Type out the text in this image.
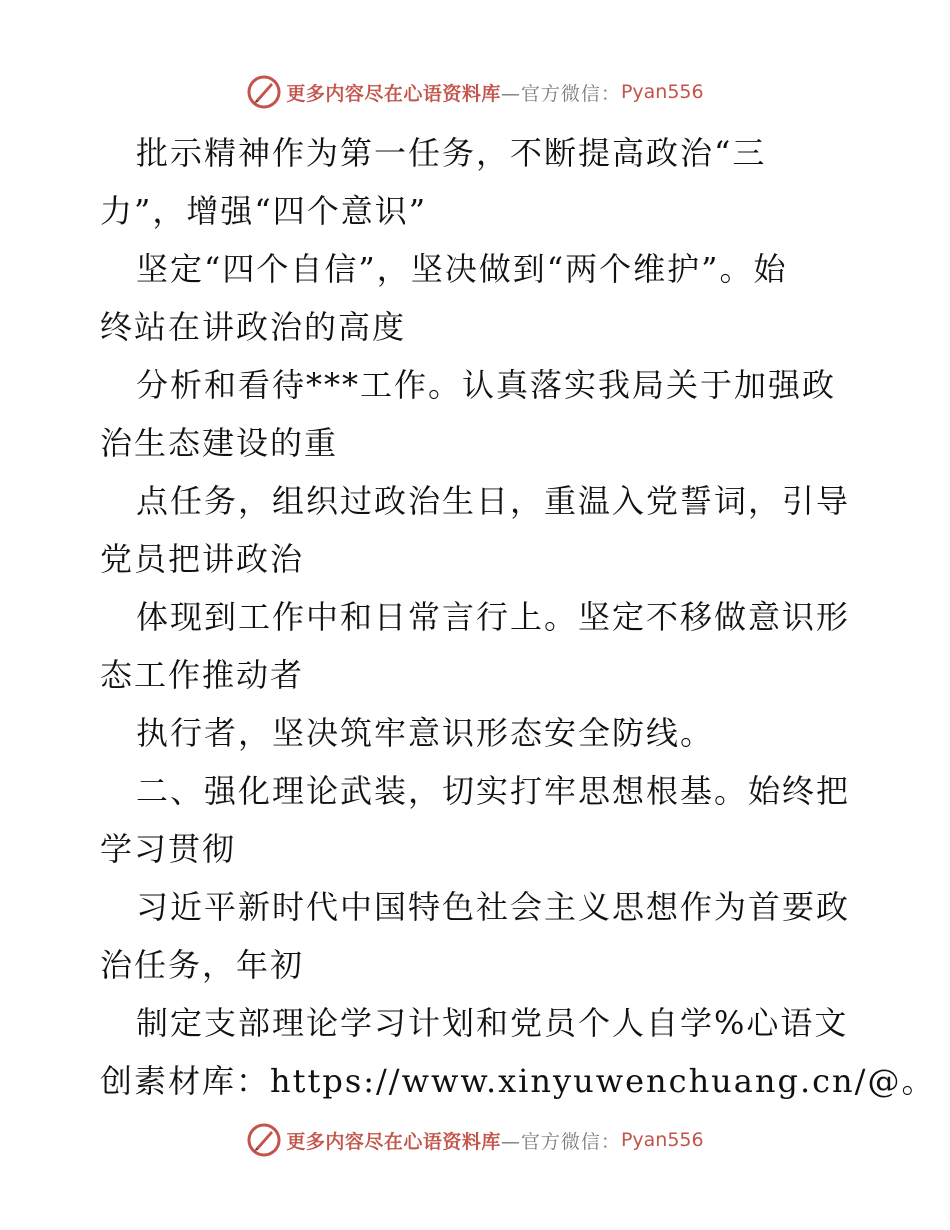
更多内容尽在心语资料库 —官方微信： Pyan556
批示精神作为第一任务，不断提高政治“三
力”，增强“四个意识”
坚定“四个自信”，坚决做到“两个维护”。始
终站在讲政治的高度
分析和看待***工作。认真落实我局关于加强政
治生态建设的重
点任务，组织过政治生日，重温入党誓词，引导
党员把讲政治
体现到工作中和日常言行上。坚定不移做意识形
态工作推动者
执行者，坚决筑牢意识形态安全防线。
二、强化理论武装，切实打牢思想根基。始终把
学习贯彻
习近平新时代中国特色社会主义思想作为首要政
治任务，年初
制定支部理论学习计划和党员个人自学%心语文
创素材库：https://www.xinyuwenchuang.cn/@。
更多内容尽在心语资料库 —官方微信： Pyan556
